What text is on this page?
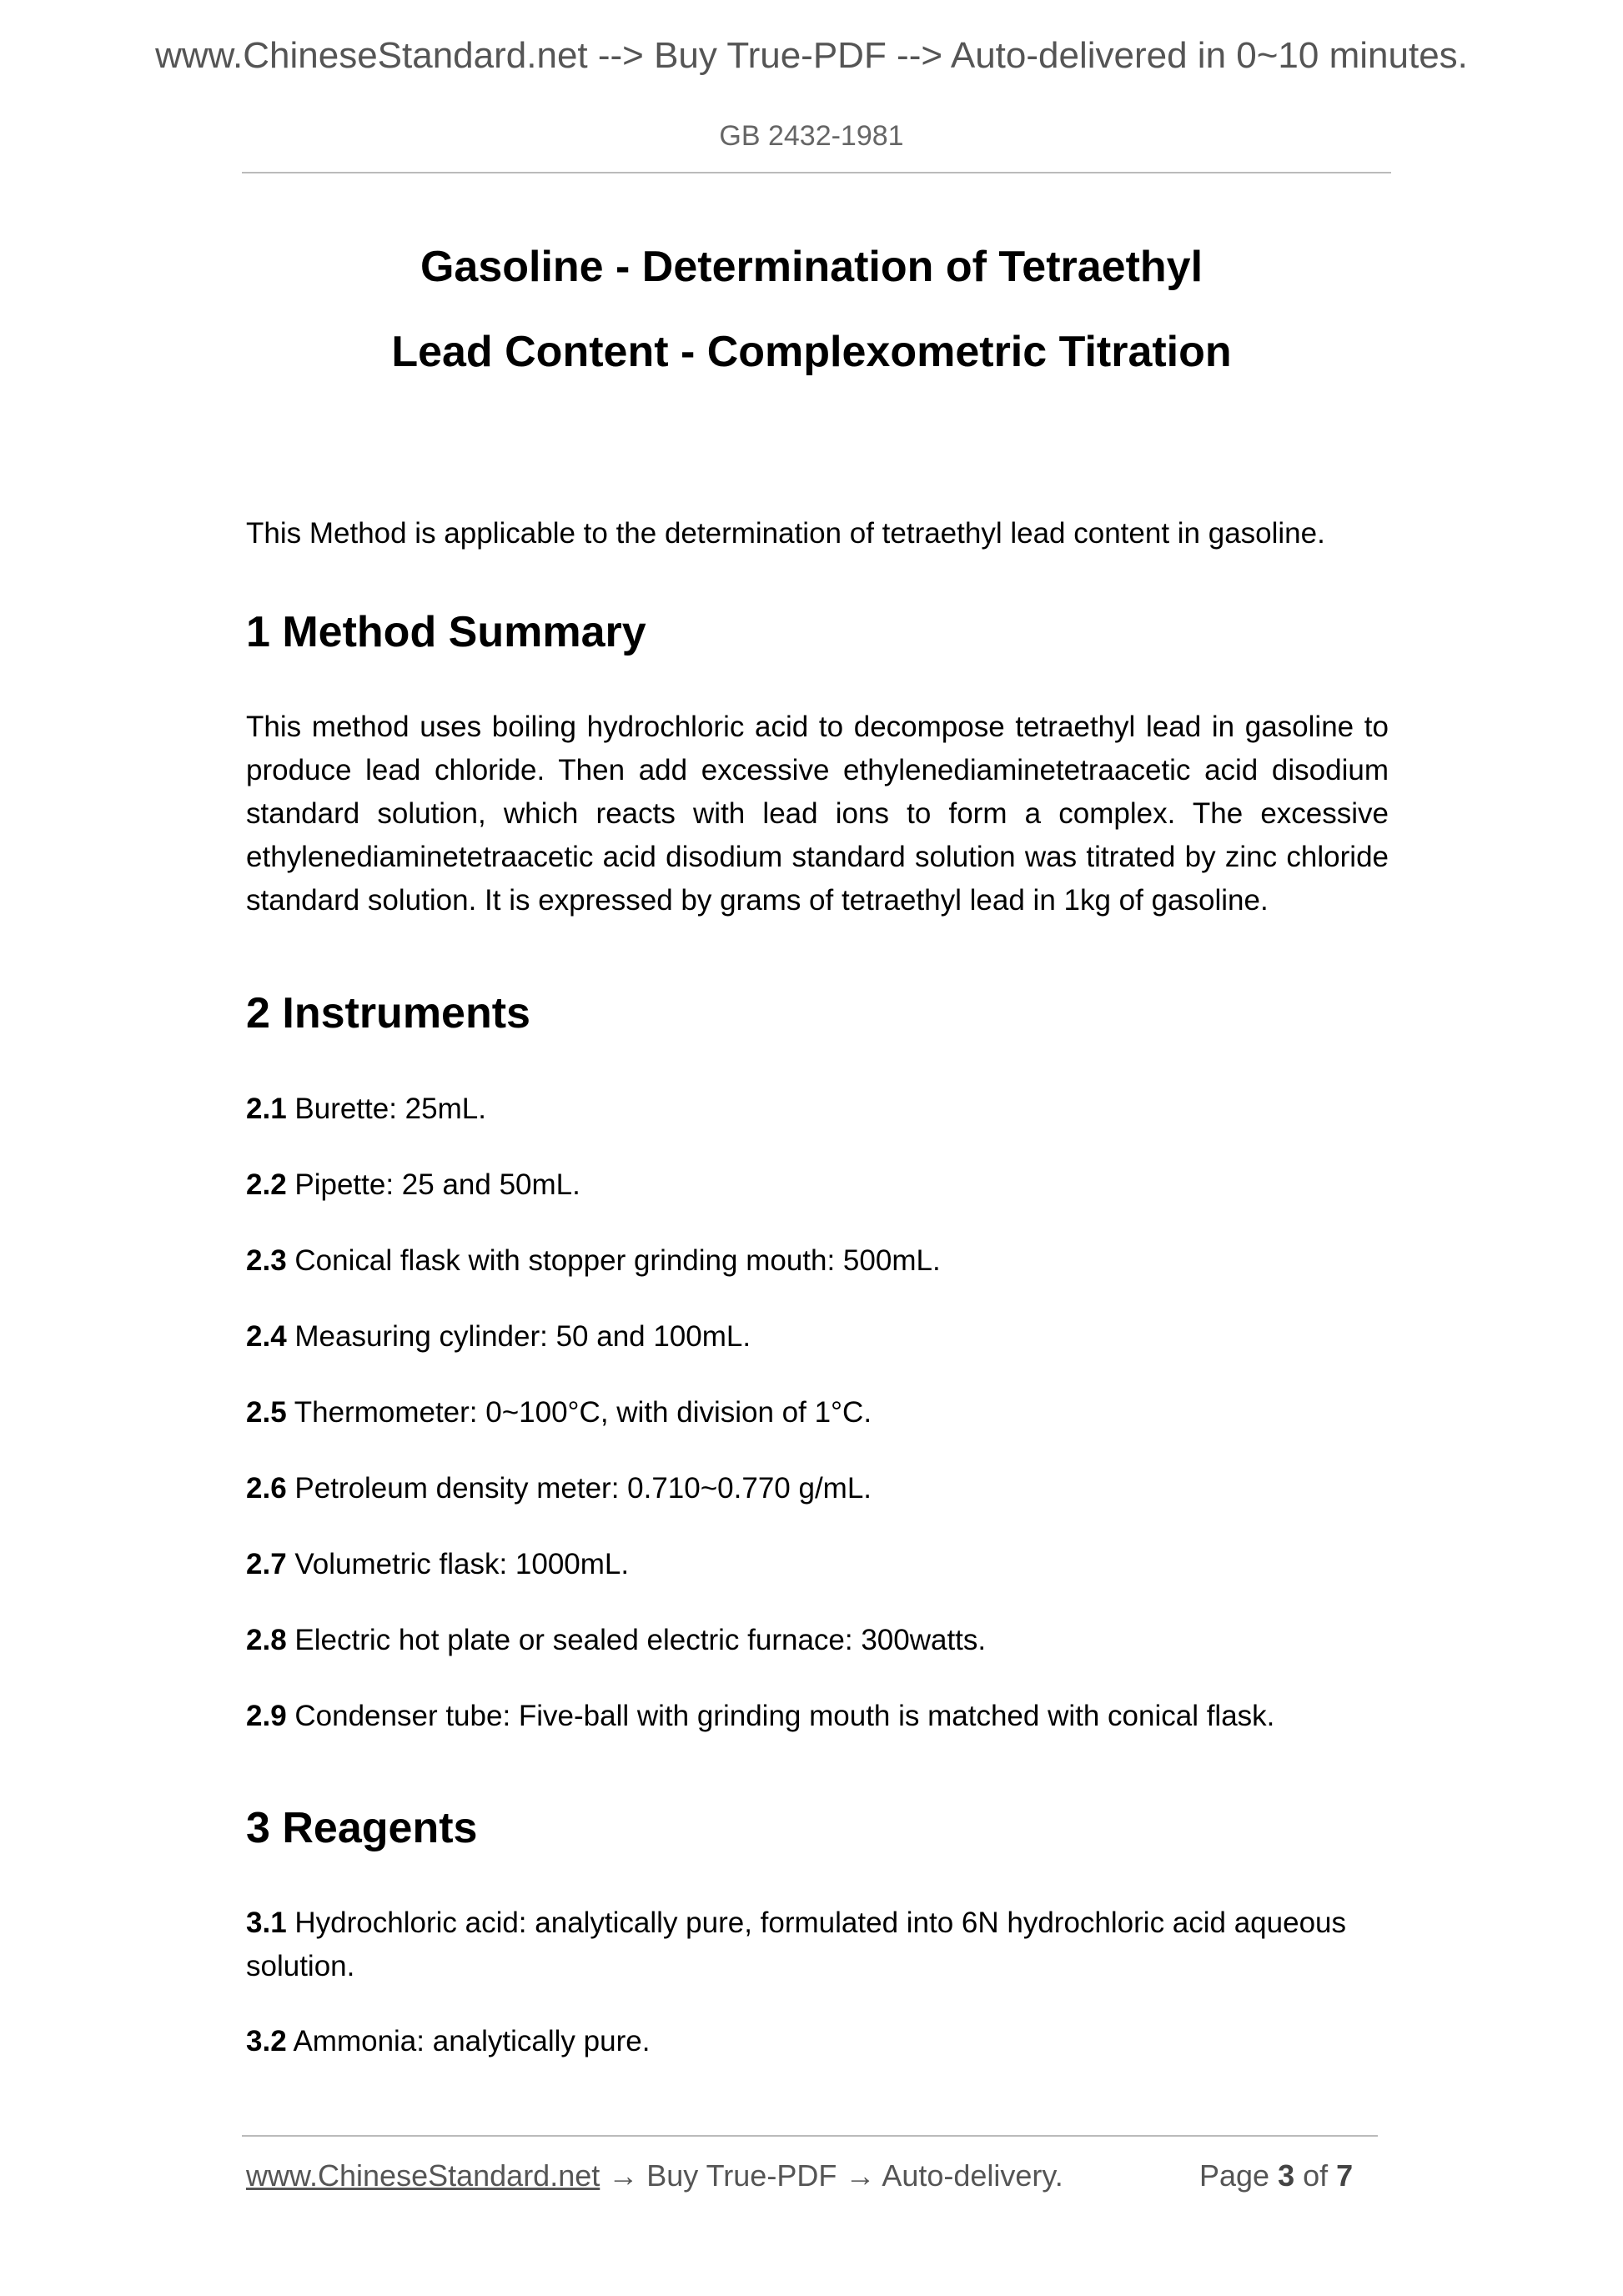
www.ChineseStandard.net --> Buy True-PDF --> Auto-delivered in 0~10 minutes.
GB 2432-1981
Gasoline - Determination of Tetraethyl
Lead Content - Complexometric Titration
This Method is applicable to the determination of tetraethyl lead content in gasoline.
1 Method Summary
This method uses boiling hydrochloric acid to decompose tetraethyl lead in gasoline to produce lead chloride. Then add excessive ethylenediaminetetraacetic acid disodium standard solution, which reacts with lead ions to form a complex. The excessive ethylenediaminetetraacetic acid disodium standard solution was titrated by zinc chloride standard solution. It is expressed by grams of tetraethyl lead in 1kg of gasoline.
2 Instruments
2.1 Burette: 25mL.
2.2 Pipette: 25 and 50mL.
2.3 Conical flask with stopper grinding mouth: 500mL.
2.4 Measuring cylinder: 50 and 100mL.
2.5 Thermometer: 0~100°C, with division of 1°C.
2.6 Petroleum density meter: 0.710~0.770 g/mL.
2.7 Volumetric flask: 1000mL.
2.8 Electric hot plate or sealed electric furnace: 300watts.
2.9 Condenser tube: Five-ball with grinding mouth is matched with conical flask.
3 Reagents
3.1 Hydrochloric acid: analytically pure, formulated into 6N hydrochloric acid aqueous solution.
3.2 Ammonia: analytically pure.
www.ChineseStandard.net → Buy True-PDF → Auto-delivery.	Page 3 of 7
